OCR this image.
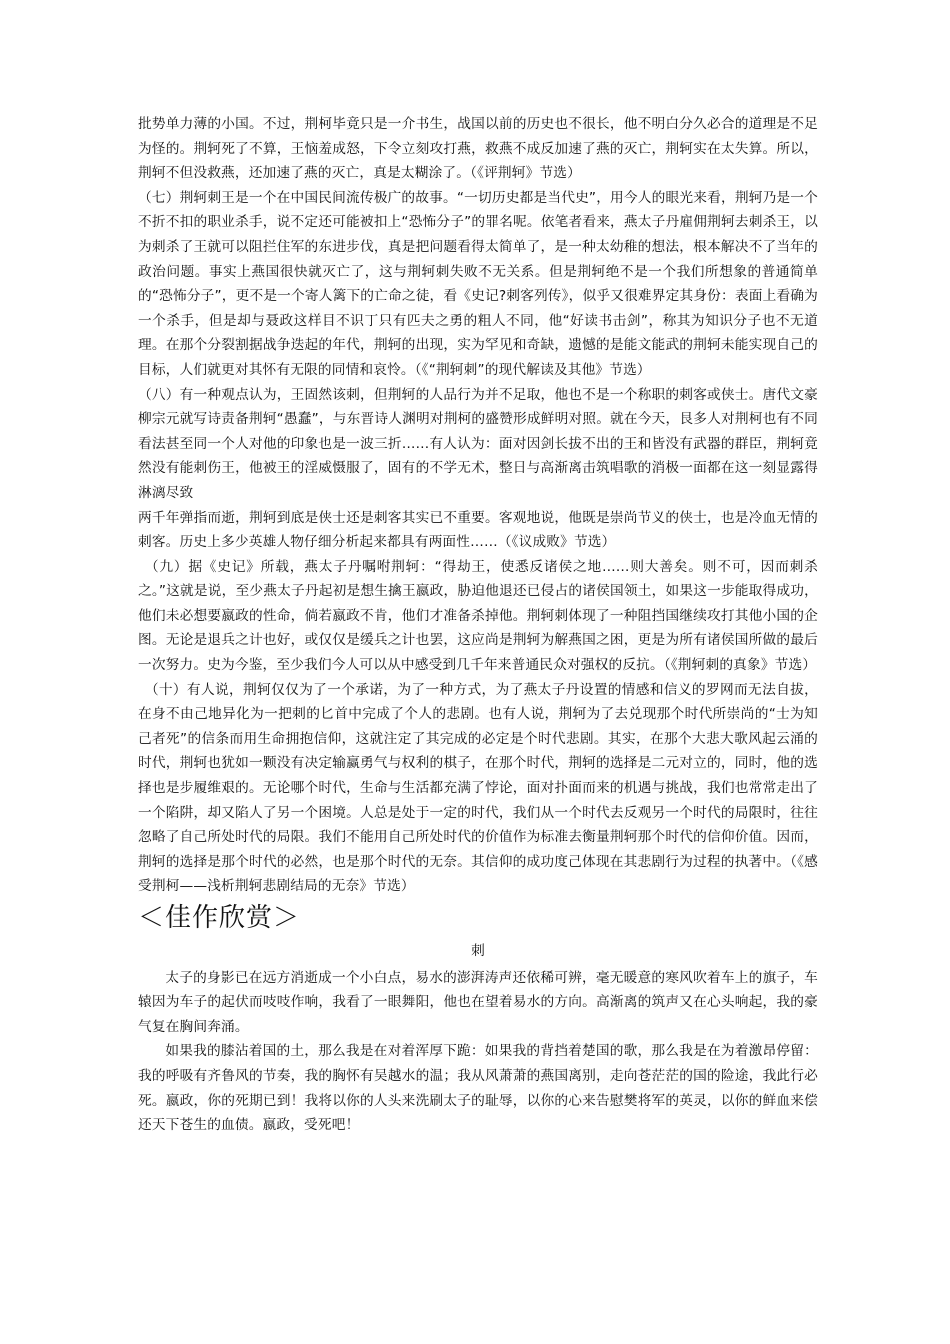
批势单力薄的小国。不过，荆柯毕竟只是一介书生，战国以前的历史也不很长，他不明白分久必合的道理是不足为怪的。荆轲死了不算，王恼羞成怒，下令立刻攻打燕，救燕不成反加速了燕的灭亡，荆轲实在太失算。所以，荆轲不但没救燕，还加速了燕的灭亡，真是太糊涂了。（《评荆轲》节选）

（七）荆轲刺王是一个在中国民间流传极广的故事。“一切历史都是当代史”，用今人的眼光来看，荆轲乃是一个不折不扣的职业杀手，说不定还可能被扣上“恐怖分子”的罪名呢。依笔者看来，燕太子丹雇佣荆轲去刺杀王，以为刺杀了王就可以阻拦住军的东进步伐，真是把问题看得太简单了，是一种太幼稚的想法，根本解决不了当年的政治问题。事实上燕国很快就灭亡了，这与荆轲刺失败不无关系。但是荆轲绝不是一个我们所想象的普通简单的“恐怖分子”，更不是一个寄人篱下的亡命之徒，看《史记?刺客列传》，似乎又很难界定其身份：表面上看确为一个杀手，但是却与聂政这样目不识丁只有匹夫之勇的粗人不同，他“好读书击剑”，称其为知识分子也不无道理。在那个分裂割据战争迭起的年代，荆轲的出现，实为罕见和奇缺，遗憾的是能文能武的荆轲未能实现自己的目标，人们就更对其怀有无限的同情和哀怜。（《“荆轲刺”的现代解读及其他》节选）

（八）有一种观点认为，王固然该刺，但荆轲的人品行为并不足取，他也不是一个称职的刺客或侠士。唐代文豪柳宗元就写诗责备荆轲“愚蠢”，与东晋诗人渊明对荆柯的盛赞形成鲜明对照。就在今天，艮多人对荆柯也有不同看法甚至同一个人对他的印象也是一波三折……有人认为：面对因剑长拔不出的王和皆没有武器的群臣，荆轲竟然没有能刺伤王，他被王的淫威慑服了，固有的不学无术，整日与高渐离击筑唱歌的消极一面都在这一刻显露得淋漓尽致

两千年弹指而逝，荆轲到底是侠士还是刺客其实已不重要。客观地说，他既是崇尚节义的侠士，也是冷血无情的刺客。历史上多少英雄人物仔细分析起来都具有两面性……（《议成败》节选）

（九）据《史记》所载，燕太子丹嘱咐荆轲：“得劫王，使悉反诸侯之地……则大善矣。则不可，因而刺杀之。”这就是说，至少燕太子丹起初是想生擒王嬴政，胁迫他退还已侵占的诸侯国领土，如果这一步能取得成功，他们未必想要嬴政的性命，倘若嬴政不肯，他们才准备杀掉他。荆轲刺体现了一种阻挡国继续攻打其他小国的企图。无论是退兵之计也好，或仅仅是缓兵之计也罢，这应尚是荆轲为解燕国之困，更是为所有诸侯国所做的最后一次努力。史为今鉴，至少我们今人可以从中感受到几千年来普通民众对强权的反抗。（《荆轲刺的真象》节选）

（十）有人说，荆轲仅仅为了一个承诺，为了一种方式，为了燕太子丹设置的情感和信义的罗网而无法自拔，在身不由己地异化为一把刺的匕首中完成了个人的悲剧。也有人说，荆轲为了去兑现那个时代所崇尚的“士为知己者死”的信条而用生命拥抱信仰，这就注定了其完成的必定是个时代悲剧。其实，在那个大悲大歌风起云涌的时代，荆轲也犹如一颗没有决定输赢勇气与权利的棋子，在那个时代，荆轲的选择是二元对立的，同时，他的选择也是步履维艰的。无论哪个时代，生命与生活都充满了悖论，面对扑面而来的机遇与挑战，我们也常常走出了一个陷阱，却又陷人了另一个困境。人总是处于一定的时代，我们从一个时代去反观另一个时代的局限时，往往忽略了自己所处时代的局限。我们不能用自己所处时代的价值作为标准去衡量荆轲那个时代的信仰价值。因而，荆轲的选择是那个时代的必然，也是那个时代的无奈。其信仰的成功度己体现在其悲剧行为过程的执著中。（《感受荆柯——浅析荆轲悲剧结局的无奈》节选）

＜佳作欣赏＞
刺

太子的身影已在远方消逝成一个小白点，易水的澎湃涛声还依稀可辨，毫无暖意的寒风吹着车上的旗子，车辕因为车子的起伏而吱吱作响，我看了一眼舞阳，他也在望着易水的方向。高渐离的筑声又在心头响起，我的豪气复在胸间奔涌。

如果我的膝沾着国的土，那么我是在对着浑厚下跪：如果我的背挡着楚国的歌，那么我是在为着激昂停留：我的呼吸有齐鲁风的节奏，我的胸怀有吴越水的温；我从风萧萧的燕国离别，走向苍茫茫的国的险途，我此行必死。嬴政，你的死期已到！我将以你的人头来洗刷太子的耻辱，以你的心来告慰樊将军的英灵，以你的鲜血来偿还天下苍生的血债。嬴政，受死吧！
